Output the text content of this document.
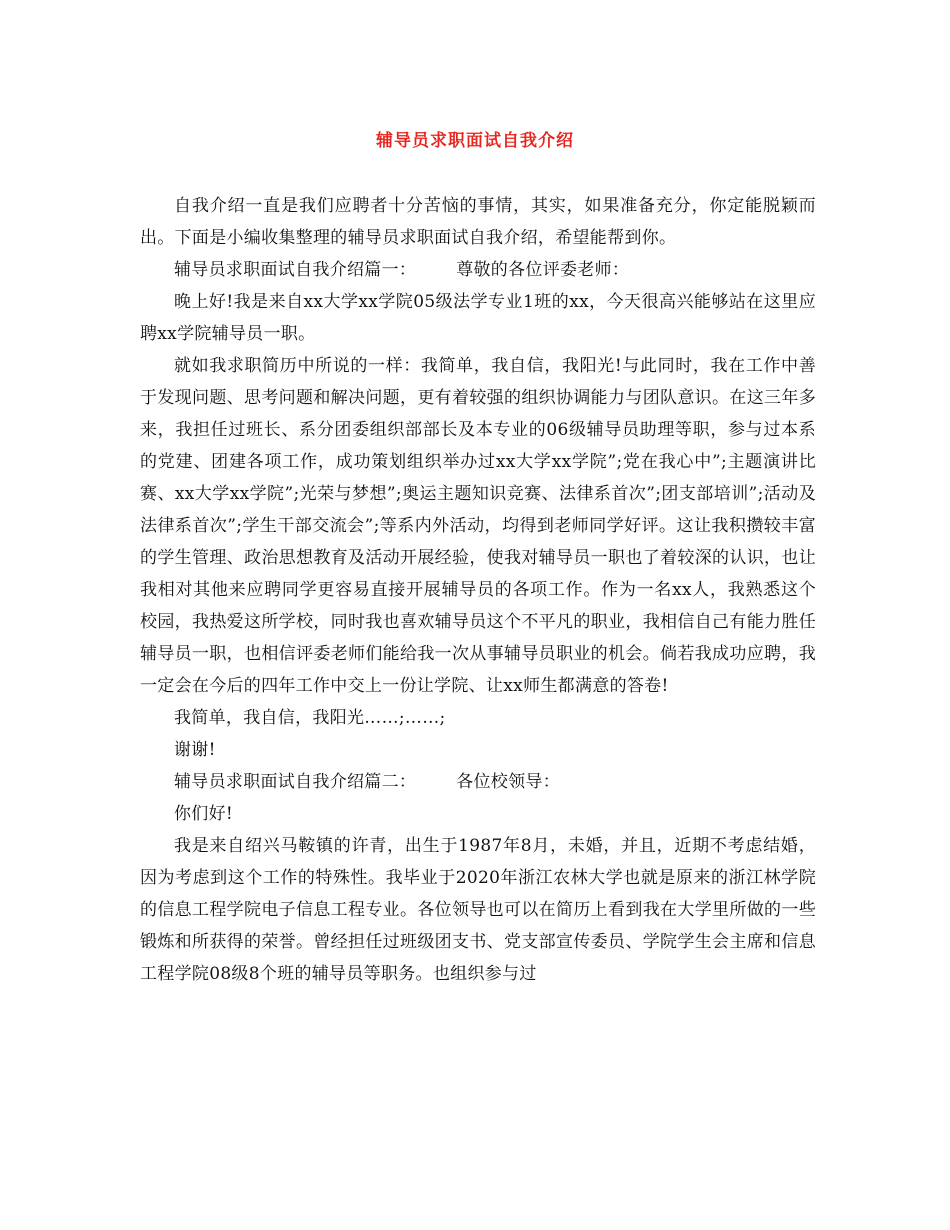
辅导员求职面试自我介绍

自我介绍一直是我们应聘者十分苦恼的事情，其实，如果准备充分，你定能脱颖而出。下面是小编收集整理的辅导员求职面试自我介绍，希望能帮到你。

辅导员求职面试自我介绍篇一： 尊敬的各位评委老师：

晚上好!我是来自xx大学xx学院05级法学专业1班的xx，今天很高兴能够站在这里应聘xx学院辅导员一职。

就如我求职简历中所说的一样：我简单，我自信，我阳光!与此同时，我在工作中善于发现问题、思考问题和解决问题，更有着较强的组织协调能力与团队意识。在这三年多来，我担任过班长、系分团委组织部部长及本专业的06级辅导员助理等职，参与过本系的党建、团建各项工作，成功策划组织举办过xx大学xx学院”;党在我心中”;主题演讲比赛、xx大学xx学院”;光荣与梦想”;奥运主题知识竞赛、法律系首次”;团支部培训”;活动及法律系首次”;学生干部交流会”;等系内外活动，均得到老师同学好评。这让我积攒较丰富的学生管理、政治思想教育及活动开展经验，使我对辅导员一职也了着较深的认识，也让我相对其他来应聘同学更容易直接开展辅导员的各项工作。作为一名xx人，我熟悉这个校园，我热爱这所学校，同时我也喜欢辅导员这个不平凡的职业，我相信自己有能力胜任辅导员一职，也相信评委老师们能给我一次从事辅导员职业的机会。倘若我成功应聘，我一定会在今后的四年工作中交上一份让学院、让xx师生都满意的答卷!

我简单，我自信，我阳光……;……;

谢谢!

辅导员求职面试自我介绍篇二： 各位校领导：

你们好!

我是来自绍兴马鞍镇的许青，出生于1987年8月，未婚，并且，近期不考虑结婚，因为考虑到这个工作的特殊性。我毕业于2020年浙江农林大学也就是原来的浙江林学院的信息工程学院电子信息工程专业。各位领导也可以在简历上看到我在大学里所做的一些锻炼和所获得的荣誉。曾经担任过班级团支书、党支部宣传委员、学院学生会主席和信息工程学院08级8个班的辅导员等职务。也组织参与过
